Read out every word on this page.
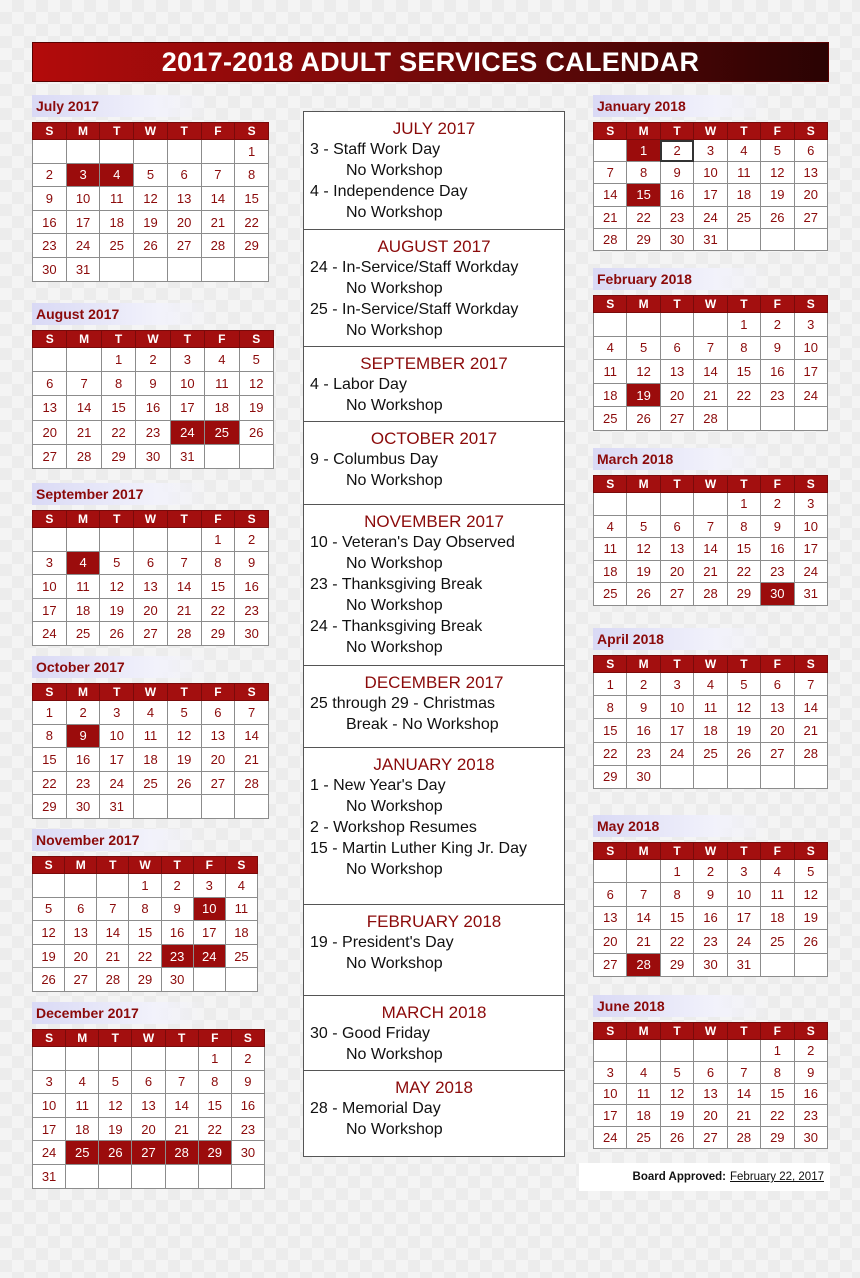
2017-2018 ADULT SERVICES CALENDAR
July 2017
S	M	T	W	T	F	S
						1
2	3	4	5	6	7	8
9	10	11	12	13	14	15
16	17	18	19	20	21	22
23	24	25	26	27	28	29
30	31					
August 2017
S	M	T	W	T	F	S
		1	2	3	4	5
6	7	8	9	10	11	12
13	14	15	16	17	18	19
20	21	22	23	24	25	26
27	28	29	30	31		
September 2017
S	M	T	W	T	F	S
					1	2
3	4	5	6	7	8	9
10	11	12	13	14	15	16
17	18	19	20	21	22	23
24	25	26	27	28	29	30
October 2017
S	M	T	W	T	F	S
1	2	3	4	5	6	7
8	9	10	11	12	13	14
15	16	17	18	19	20	21
22	23	24	25	26	27	28
29	30	31				
November 2017
S	M	T	W	T	F	S
			1	2	3	4
5	6	7	8	9	10	11
12	13	14	15	16	17	18
19	20	21	22	23	24	25
26	27	28	29	30		
December 2017
S	M	T	W	T	F	S
					1	2
3	4	5	6	7	8	9
10	11	12	13	14	15	16
17	18	19	20	21	22	23
24	25	26	27	28	29	30
31						
January 2018
S	M	T	W	T	F	S
	1	2	3	4	5	6
7	8	9	10	11	12	13
14	15	16	17	18	19	20
21	22	23	24	25	26	27
28	29	30	31			
February 2018
S	M	T	W	T	F	S
				1	2	3
4	5	6	7	8	9	10
11	12	13	14	15	16	17
18	19	20	21	22	23	24
25	26	27	28			
March 2018
S	M	T	W	T	F	S
				1	2	3
4	5	6	7	8	9	10
11	12	13	14	15	16	17
18	19	20	21	22	23	24
25	26	27	28	29	30	31
April 2018
S	M	T	W	T	F	S
1	2	3	4	5	6	7
8	9	10	11	12	13	14
15	16	17	18	19	20	21
22	23	24	25	26	27	28
29	30					
May 2018
S	M	T	W	T	F	S
		1	2	3	4	5
6	7	8	9	10	11	12
13	14	15	16	17	18	19
20	21	22	23	24	25	26
27	28	29	30	31		
June 2018
S	M	T	W	T	F	S
					1	2
3	4	5	6	7	8	9
10	11	12	13	14	15	16
17	18	19	20	21	22	23
24	25	26	27	28	29	30
JULY 2017
3 - Staff Work Day
No Workshop
4 - Independence Day
No Workshop
AUGUST 2017
24 - In-Service/Staff Workday
No Workshop
25 - In-Service/Staff Workday
No Workshop
SEPTEMBER 2017
4 - Labor Day
No Workshop
OCTOBER 2017
9 - Columbus Day
No Workshop
NOVEMBER 2017
10 - Veteran's Day Observed
No Workshop
23 - Thanksgiving Break
No Workshop
24 - Thanksgiving Break
No Workshop
DECEMBER 2017
25 through 29 - Christmas
Break - No Workshop
JANUARY 2018
1 - New Year's Day
No Workshop
2 - Workshop Resumes
15 - Martin Luther King Jr. Day
No Workshop
FEBRUARY 2018
19 - President's Day
No Workshop
MARCH 2018
30 - Good Friday
No Workshop
MAY 2018
28 - Memorial Day
No Workshop
Board Approved: February 22, 2017
